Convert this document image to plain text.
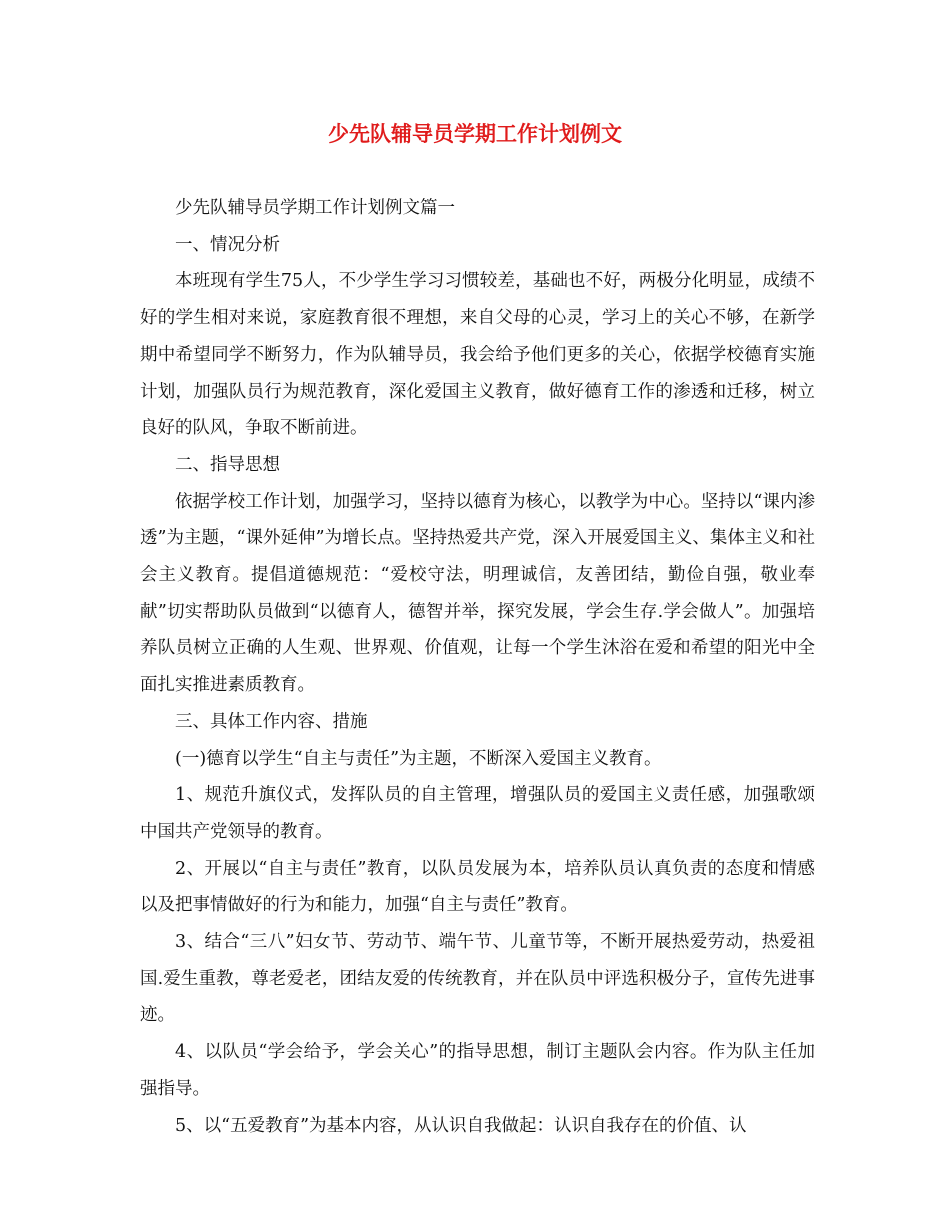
少先队辅导员学期工作计划例文

少先队辅导员学期工作计划例文篇一

一、情况分析

本班现有学生75人，不少学生学习习惯较差，基础也不好，两极分化明显，成绩不好的学生相对来说，家庭教育很不理想，来自父母的心灵，学习上的关心不够，在新学期中希望同学不断努力，作为队辅导员，我会给予他们更多的关心，依据学校德育实施计划，加强队员行为规范教育，深化爱国主义教育，做好德育工作的渗透和迁移，树立良好的队风，争取不断前进。

二、指导思想

依据学校工作计划，加强学习，坚持以德育为核心，以教学为中心。坚持以“课内渗透”为主题，“课外延伸”为增长点。坚持热爱共产党，深入开展爱国主义、集体主义和社会主义教育。提倡道德规范：“爱校守法，明理诚信，友善团结，勤俭自强，敬业奉献”切实帮助队员做到“以德育人，德智并举，探究发展，学会生存.学会做人”。加强培养队员树立正确的人生观、世界观、价值观，让每一个学生沐浴在爱和希望的阳光中全面扎实推进素质教育。

三、具体工作内容、措施

(一)德育以学生“自主与责任”为主题，不断深入爱国主义教育。

1、规范升旗仪式，发挥队员的自主管理，增强队员的爱国主义责任感，加强歌颂中国共产党领导的教育。

2、开展以“自主与责任”教育，以队员发展为本，培养队员认真负责的态度和情感以及把事情做好的行为和能力，加强“自主与责任”教育。

3、结合“三八”妇女节、劳动节、端午节、儿童节等，不断开展热爱劳动，热爱祖国.爱生重教，尊老爱老，团结友爱的传统教育，并在队员中评选积极分子，宣传先进事迹。

4、以队员“学会给予，学会关心”的指导思想，制订主题队会内容。作为队主任加强指导。

5、以“五爱教育”为基本内容，从认识自我做起：认识自我存在的价值、认
